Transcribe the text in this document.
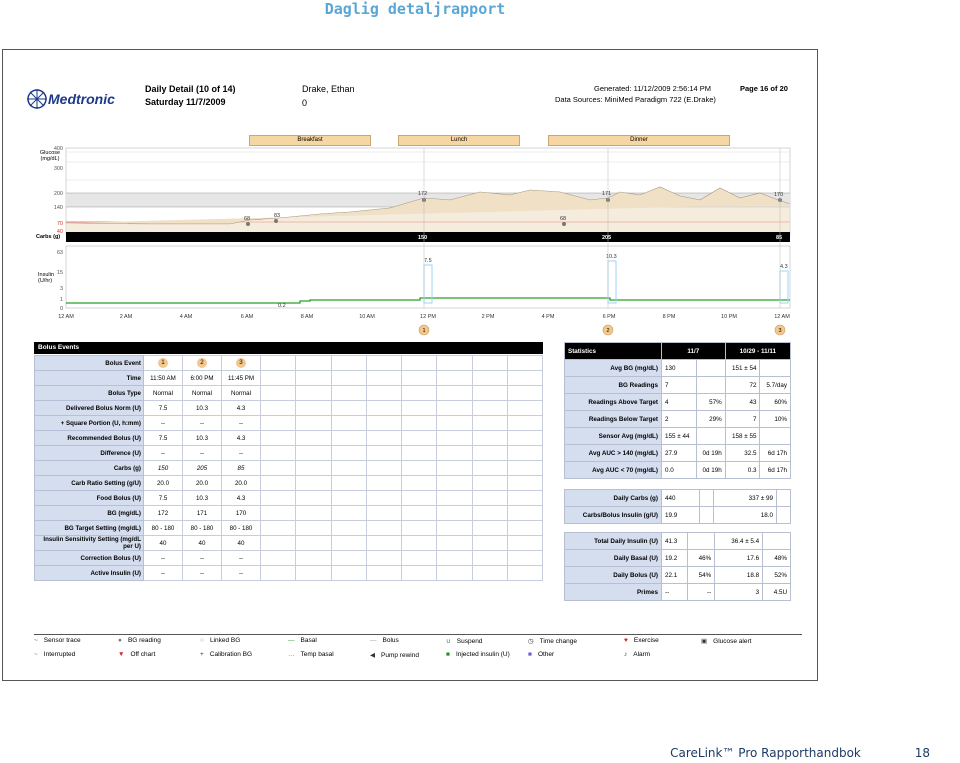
Daglig detaljrapport
Medtronic
Daily Detail (10 of 14)
Saturday 11/7/2009
Drake, Ethan
0
Generated: 11/12/2009 2:56:14 PM
Data Sources: MiniMed Paradigm 722 (E.Drake)
Page 16 of 20
Breakfast	Lunch	Dinner
400
300
200
140
70
40
68	83
172
68
171	170
150	205	85
63
15
3
1
0
7.5
10.3
4.3
0.2
12 AM	2 AM	4 AM	6 AM	8 AM	10 AM	12 PM	2 PM	4 PM	6 PM	8 PM	10 PM	12 AM
1	2	3
Glucose (mg/dL)
Carbs (g)
Insulin (U/hr)
Bolus Events
Bolus Event	1	2	3								
Time	11:50 AM	6:00 PM	11:45 PM								
Bolus Type	Normal	Normal	Normal								
Delivered Bolus Norm (U)	7.5	10.3	4.3								
+ Square Portion (U, h:mm)	--	--	--								
Recommended Bolus (U)	7.5	10.3	4.3								
Difference (U)	--	--	--								
Carbs (g)	150	205	85								
Carb Ratio Setting (g/U)	20.0	20.0	20.0								
Food Bolus (U)	7.5	10.3	4.3								
BG (mg/dL)	172	171	170								
BG Target Setting (mg/dL)	80 - 180	80 - 180	80 - 180								
Insulin Sensitivity Setting (mg/dL per U)	40	40	40								
Correction Bolus (U)	--	--	--								
Active Insulin (U)	--	--	--								
Statistics	11/7		10/29 - 11/11	
Avg BG (mg/dL)	130		151 ± 54	
BG Readings	7		72	5.7/day
Readings Above Target	4	57%	43	60%
Readings Below Target	2	29%	7	10%
Sensor Avg (mg/dL)	155 ± 44		158 ± 55	
Avg AUC > 140 (mg/dL)	27.9	0d 19h	32.5	6d 17h
Avg AUC < 70 (mg/dL)	0.0	0d 19h	0.3	6d 17h
Daily Carbs (g)	440		337 ± 99	
Carbs/Bolus Insulin (g/U)	19.9		18.0	
Total Daily Insulin (U)	41.3		36.4 ± 5.4	
Daily Basal (U)	19.2	46%	17.6	48%
Daily Bolus (U)	22.1	54%	18.8	52%
Primes	--	--	3	4.5U
~ Sensor trace	● BG reading	○ Linked BG	— Basal	— Bolus	∪ Suspend	◷ Time change	♥ Exercise	▣ Glucose alert
~ Interrupted	▼ Off chart	+ Calibration BG	… Temp basal	◀ Pump rewind	■ Injected insulin (U)	■ Other	♪ Alarm
CareLink™ Pro Rapporthandbok	18
